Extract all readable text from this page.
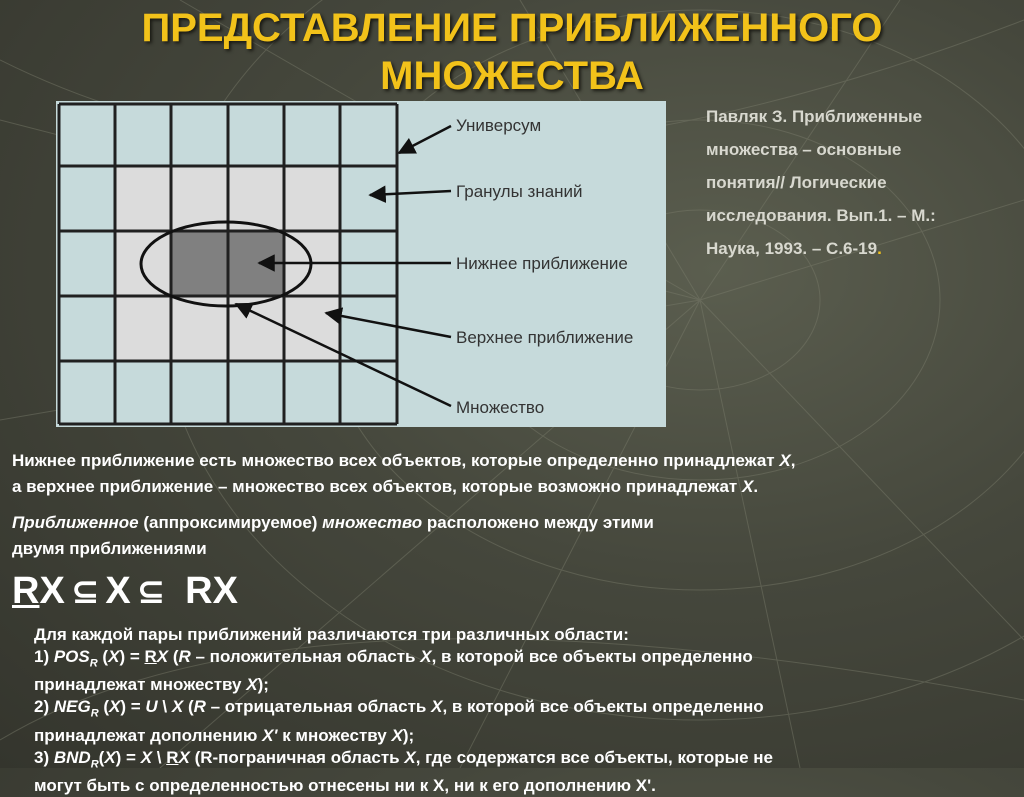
ПРЕДСТАВЛЕНИЕ ПРИБЛИЖЕННОГО
МНОЖЕСТВА
Универсум
Гранулы знаний
Нижнее приближение
Верхнее приближение
Множество
Павляк З. Приближенные
множества – основные
понятия// Логические
исследования. Вып.1. – М.:
Наука, 1993. – С.6-19.
Нижнее приближение есть множество всех объектов, которые определенно принадлежат X,
а верхнее приближение – множество всех объектов, которые возможно принадлежат X.
Приближенное (аппроксимируемое) множество расположено между этими
двумя приближениями
RX ⊆ X ⊆ RX
Для каждой пары приближений различаются три различных области:
1) $POS_R$ (X) = RX (R – положительная область X, в которой все объекты определенно
принадлежат множеству X);
2) $NEG_R$ (X) = U \ X (R – отрицательная область X, в которой все объекты определенно
принадлежат дополнению X' к множеству X);
3) $BND_R(X) = X$ \ RX (R-пограничная область X, где содержатся все объекты, которые не
могут быть с определенностью отнесены ни к X, ни к его дополнению X'.
